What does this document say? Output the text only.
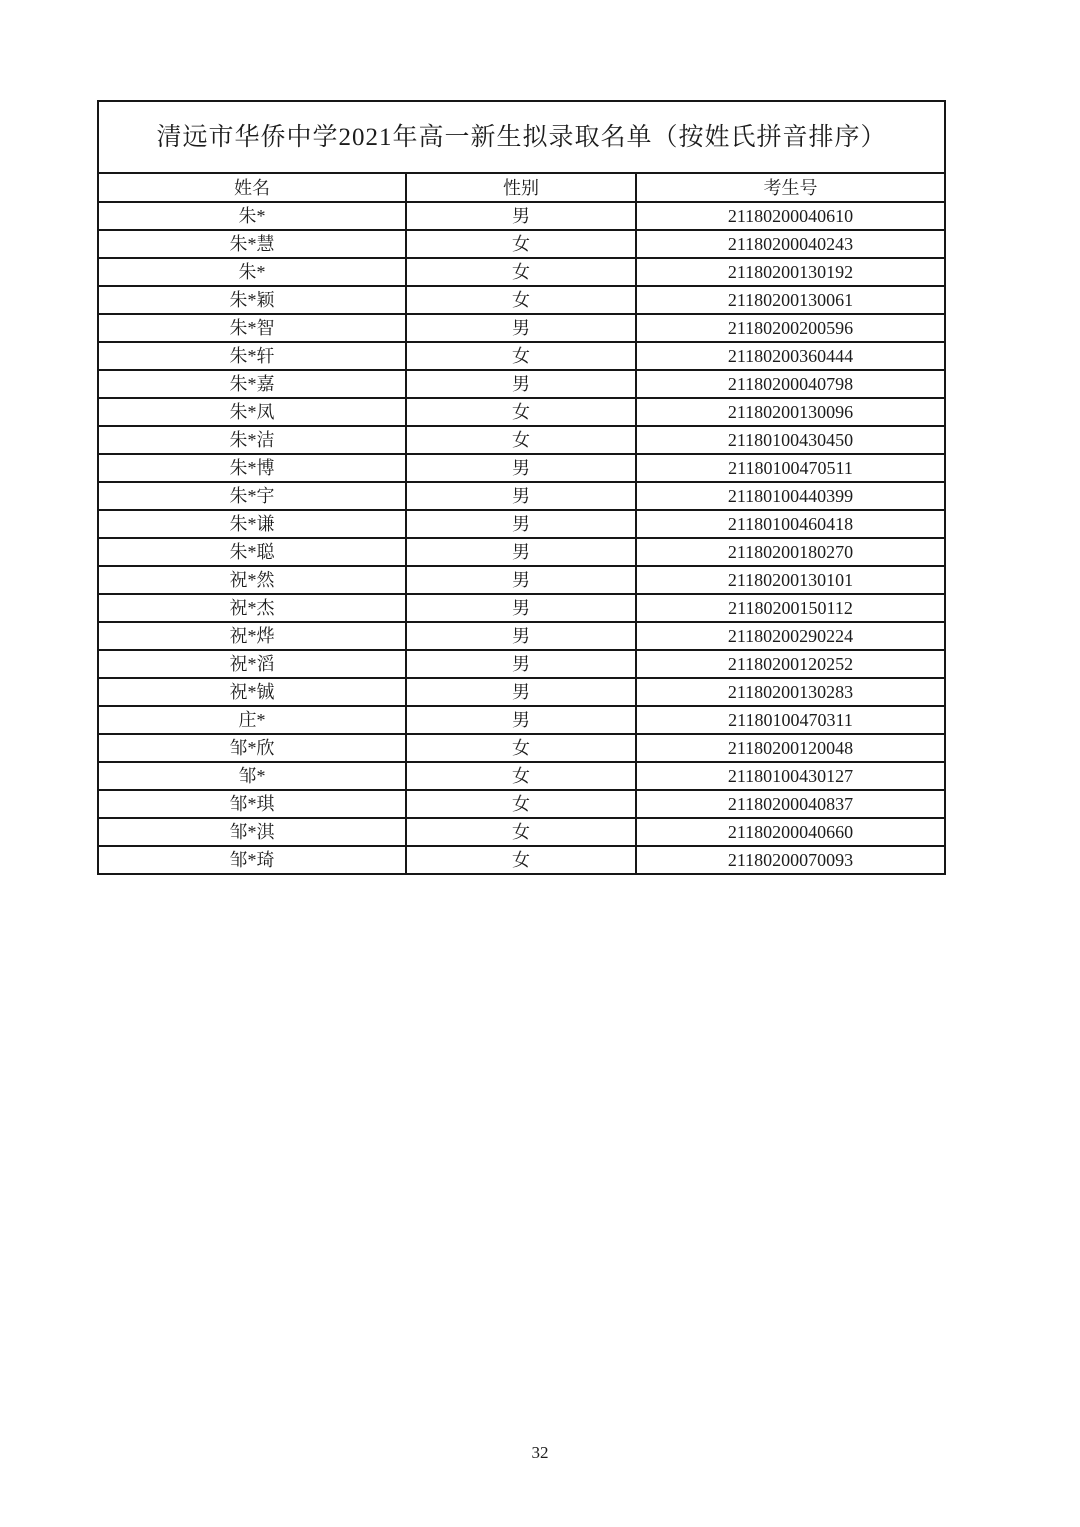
清远市华侨中学2021年高一新生拟录取名单（按姓氏拼音排序）		
姓名	性别	考生号
朱*	男	21180200040610
朱*慧	女	21180200040243
朱*	女	21180200130192
朱*颖	女	21180200130061
朱*智	男	21180200200596
朱*轩	女	21180200360444
朱*嘉	男	21180200040798
朱*凤	女	21180200130096
朱*洁	女	21180100430450
朱*博	男	21180100470511
朱*宇	男	21180100440399
朱*谦	男	21180100460418
朱*聪	男	21180200180270
祝*然	男	21180200130101
祝*杰	男	21180200150112
祝*烨	男	21180200290224
祝*滔	男	21180200120252
祝*铖	男	21180200130283
庄*	男	21180100470311
邹*欣	女	21180200120048
邹*	女	21180100430127
邹*琪	女	21180200040837
邹*淇	女	21180200040660
邹*琦	女	21180200070093
32
